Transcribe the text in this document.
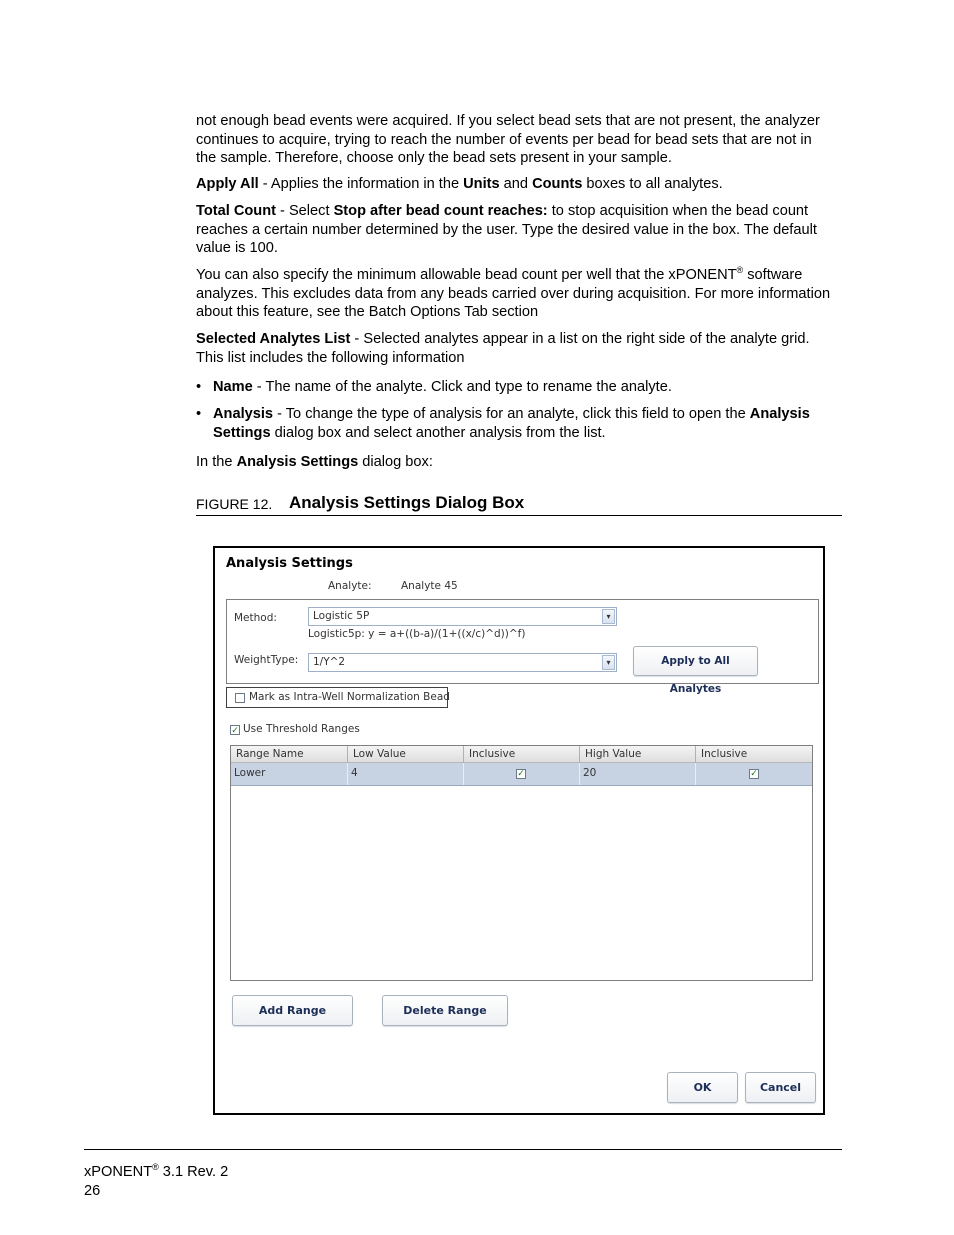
not enough bead events were acquired. If you select bead sets that are not present, the analyzer continues to acquire, trying to reach the number of events per bead for bead sets that are not in the sample. Therefore, choose only the bead sets present in your sample.
Apply All - Applies the information in the Units and Counts boxes to all analytes.
Total Count - Select Stop after bead count reaches: to stop acquisition when the bead count reaches a certain number determined by the user. Type the desired value in the box. The default value is 100.
You can also specify the minimum allowable bead count per well that the xPONENT® software analyzes. This excludes data from any beads carried over during acquisition. For more information about this feature, see the Batch Options Tab section
Selected Analytes List - Selected analytes appear in a list on the right side of the analyte grid. This list includes the following information
• Name - The name of the analyte. Click and type to rename the analyte.
• Analysis - To change the type of analysis for an analyte, click this field to open the Analysis Settings dialog box and select another analysis from the list.
In the Analysis Settings dialog box:
FIGURE 12. Analysis Settings Dialog Box
Analysis Settings
Analyte:	Analyte 45
Method:	Logistic 5P	▾
Logistic5p: y = a+((b-a)/(1+((x/c)^d))^f)
WeightType: 1/Y^2	▾	Apply to All Analytes
Mark as Intra-Well Normalization Bead
✓ Use Threshold Ranges
Range Name	Low Value	Inclusive	High Value	Inclusive
Lower	4	✓	20	✓
Add Range	Delete Range
OK	Cancel
xPONENT® 3.1 Rev. 2
26
